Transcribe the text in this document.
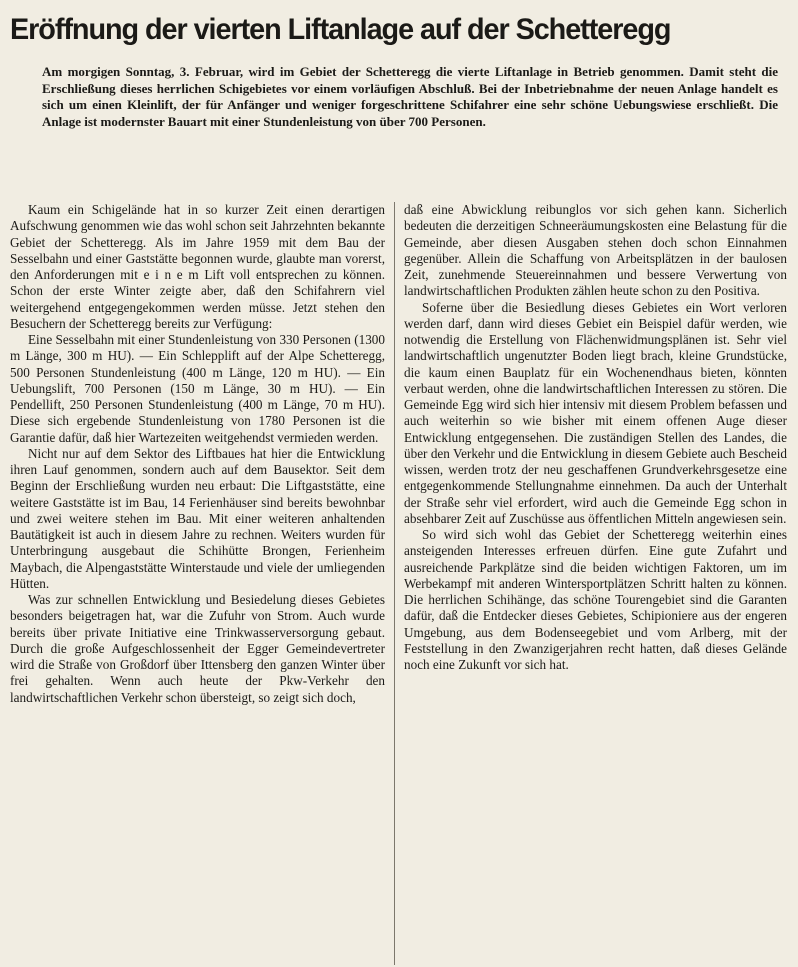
Eröffnung der vierten Liftanlage auf der Schetteregg

Am morgigen Sonntag, 3. Februar, wird im Gebiet der Schetteregg die vierte Liftanlage in Betrieb genommen. Damit steht die Erschließung dieses herrlichen Schigebietes vor einem vorläufigen Abschluß. Bei der Inbetriebnahme der neuen Anlage handelt es sich um einen Kleinlift, der für Anfänger und weniger forgeschrittene Schifahrer eine sehr schöne Uebungswiese erschließt. Die Anlage ist modernster Bauart mit einer Stundenleistung von über 700 Personen.

Kaum ein Schigelände hat in so kurzer Zeit einen derartigen Aufschwung genommen wie das wohl schon seit Jahrzehnten bekannte Gebiet der Schetteregg. Als im Jahre 1959 mit dem Bau der Sesselbahn und einer Gaststätte begonnen wurde, glaubte man vorerst, den Anforderungen mit e i n e m Lift voll entsprechen zu können. Schon der erste Winter zeigte aber, daß den Schifahrern viel weitergehend entgegengekommen werden müsse. Jetzt stehen den Besuchern der Schetteregg bereits zur Verfügung:

Eine Sesselbahn mit einer Stundenleistung von 330 Personen (1300 m Länge, 300 m HU). — Ein Schlepplift auf der Alpe Schetteregg, 500 Personen Stundenleistung (400 m Länge, 120 m HU). — Ein Uebungslift, 700 Personen (150 m Länge, 30 m HU). — Ein Pendellift, 250 Personen Stundenleistung (400 m Länge, 70 m HU). Diese sich ergebende Stundenleistung von 1780 Personen ist die Garantie dafür, daß hier Wartezeiten weitgehendst vermieden werden.

Nicht nur auf dem Sektor des Liftbaues hat hier die Entwicklung ihren Lauf genommen, sondern auch auf dem Bausektor. Seit dem Beginn der Erschließung wurden neu erbaut: Die Liftgaststätte, eine weitere Gaststätte ist im Bau, 14 Ferienhäuser sind bereits bewohnbar und zwei weitere stehen im Bau. Mit einer weiteren anhaltenden Bautätigkeit ist auch in diesem Jahre zu rechnen. Weiters wurden für Unterbringung ausgebaut die Schihütte Brongen, Ferienheim Maybach, die Alpengaststätte Winterstaude und viele der umliegenden Hütten.

Was zur schnellen Entwicklung und Besiedelung dieses Gebietes besonders beigetragen hat, war die Zufuhr von Strom. Auch wurde bereits über private Initiative eine Trinkwasserversorgung gebaut. Durch die große Aufgeschlossenheit der Egger Gemeindevertreter wird die Straße von Großdorf über Ittensberg den ganzen Winter über frei gehalten. Wenn auch heute der Pkw-Verkehr den landwirtschaftlichen Verkehr schon übersteigt, so zeigt sich doch,

daß eine Abwicklung reibunglos vor sich gehen kann. Sicherlich bedeuten die derzeitigen Schneeräumungskosten eine Belastung für die Gemeinde, aber diesen Ausgaben stehen doch schon Einnahmen gegenüber. Allein die Schaffung von Arbeitsplätzen in der baulosen Zeit, zunehmende Steuereinnahmen und bessere Verwertung von landwirtschaftlichen Produkten zählen heute schon zu den Positiva.

Soferne über die Besiedlung dieses Gebietes ein Wort verloren werden darf, dann wird dieses Gebiet ein Beispiel dafür werden, wie notwendig die Erstellung von Flächenwidmungsplänen ist. Sehr viel landwirtschaftlich ungenutzter Boden liegt brach, kleine Grundstücke, die kaum einen Bauplatz für ein Wochenendhaus bieten, könnten verbaut werden, ohne die landwirtschaftlichen Interessen zu stören. Die Gemeinde Egg wird sich hier intensiv mit diesem Problem befassen und auch weiterhin so wie bisher mit einem offenen Auge dieser Entwicklung entgegensehen. Die zuständigen Stellen des Landes, die über den Verkehr und die Entwicklung in diesem Gebiete auch Bescheid wissen, werden trotz der neu geschaffenen Grundverkehrsgesetze eine entgegenkommende Stellungnahme einnehmen. Da auch der Unterhalt der Straße sehr viel erfordert, wird auch die Gemeinde Egg schon in absehbarer Zeit auf Zuschüsse aus öffentlichen Mitteln angewiesen sein.

So wird sich wohl das Gebiet der Schetteregg weiterhin eines ansteigenden Interesses erfreuen dürfen. Eine gute Zufahrt und ausreichende Parkplätze sind die beiden wichtigen Faktoren, um im Werbekampf mit anderen Wintersportplätzen Schritt halten zu können. Die herrlichen Schihänge, das schöne Tourengebiet sind die Garanten dafür, daß die Entdecker dieses Gebietes, Schipioniere aus der engeren Umgebung, aus dem Bodenseegebiet und vom Arlberg, mit der Feststellung in den Zwanzigerjahren recht hatten, daß dieses Gelände noch eine Zukunft vor sich hat.
